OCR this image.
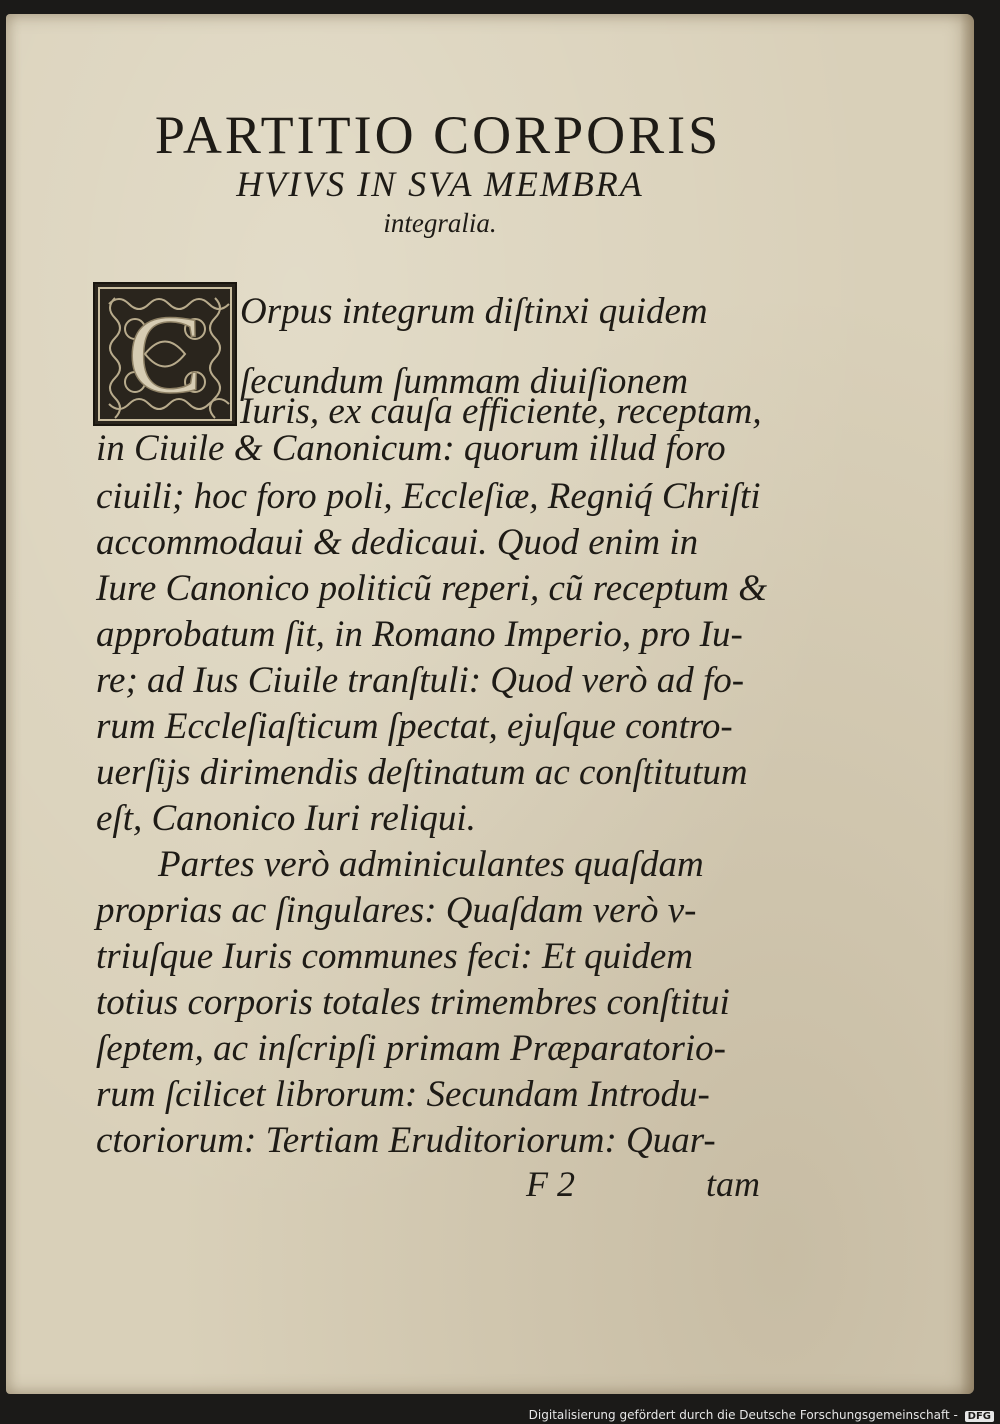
PARTITIO CORPORIS
HVIVS IN SVA MEMBRA
integralia.
C Orpus integrum diſtinxi quidem
ſecundum ſummam diuiſionem
Iuris, ex cauſa efficiente, receptam,
in Ciuile & Canonicum: quorum illud foro
ciuili; hoc foro poli, Eccleſiæ, Regniq́ Chriſti
accommodaui & dedicaui. Quod enim in
Iure Canonico politicũ reperi, cũ receptum &
approbatum ſit, in Romano Imperio, pro Iu-
re; ad Ius Ciuile tranſtuli: Quod verò ad fo-
rum Eccleſiaſticum ſpectat, ejuſque contro-
uerſijs dirimendis deſtinatum ac conſtitutum
eſt, Canonico Iuri reliqui.
Partes verò adminiculantes quaſdam
proprias ac ſingulares: Quaſdam verò v-
triuſque Iuris communes feci: Et quidem
totius corporis totales trimembres conſtitui
ſeptem, ac inſcripſi primam Præparatorio-
rum ſcilicet librorum: Secundam Introdu-
ctoriorum: Tertiam Eruditoriorum: Quar-
F 2	tam
Digitalisierung gefördert durch die Deutsche Forschungsgemeinschaft - DFG
